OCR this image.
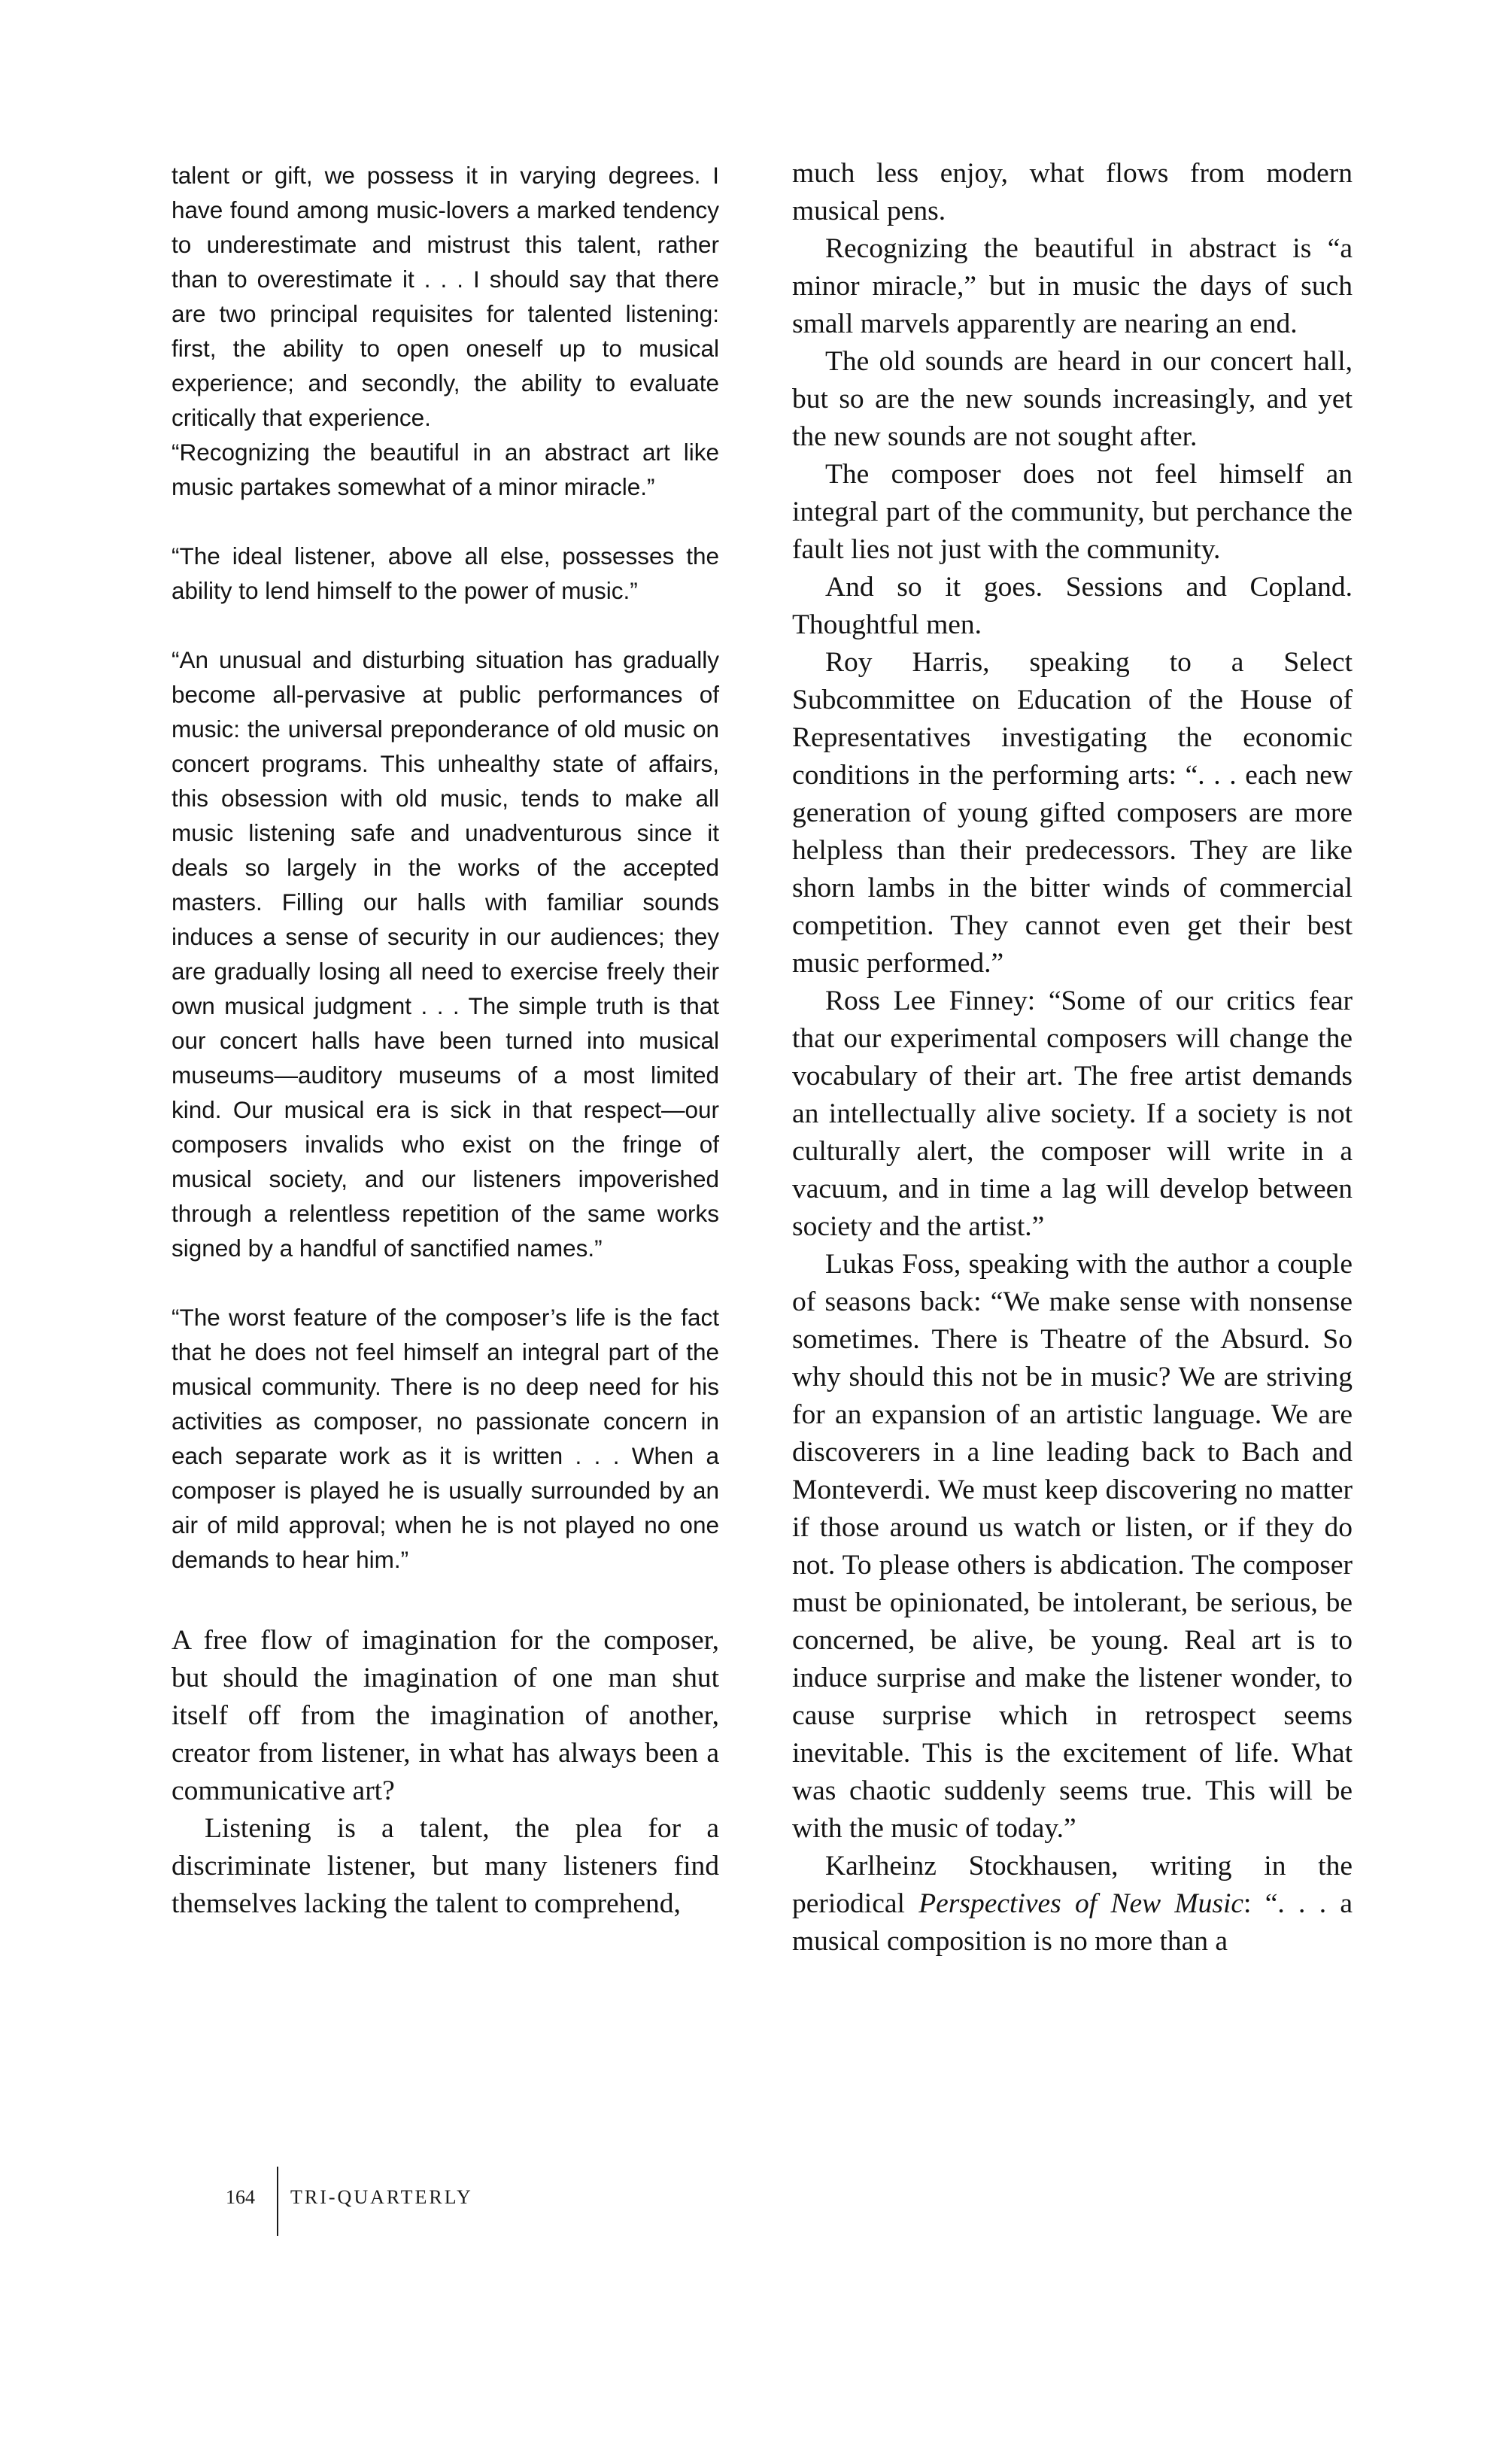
talent or gift, we possess it in varying degrees. I have found among music-lovers a marked tendency to underestimate and mistrust this talent, rather than to overestimate it . . . I should say that there are two principal requisites for talented listening: first, the ability to open oneself up to musical experience; and secondly, the ability to evaluate critically that experience.

“Recognizing the beautiful in an abstract art like music partakes somewhat of a minor miracle.”

“The ideal listener, above all else, possesses the ability to lend himself to the power of music.”

“An unusual and disturbing situation has gradually become all-pervasive at public performances of music: the universal preponderance of old music on concert programs. This unhealthy state of affairs, this obsession with old music, tends to make all music listening safe and unadventurous since it deals so largely in the works of the accepted masters. Filling our halls with familiar sounds induces a sense of security in our audiences; they are gradually losing all need to exercise freely their own musical judgment . . . The simple truth is that our concert halls have been turned into musical museums—auditory museums of a most limited kind. Our musical era is sick in that respect—our composers invalids who exist on the fringe of musical society, and our listeners impoverished through a relentless repetition of the same works signed by a handful of sanctified names.”

“The worst feature of the composer’s life is the fact that he does not feel himself an integral part of the musical community. There is no deep need for his activities as composer, no passionate concern in each separate work as it is written . . . When a composer is played he is usually surrounded by an air of mild approval; when he is not played no one demands to hear him.”

A free flow of imagination for the composer, but should the imagination of one man shut itself off from the imagination of another, creator from listener, in what has always been a communicative art?

Listening is a talent, the plea for a discriminate listener, but many listeners find themselves lacking the talent to comprehend,

much less enjoy, what flows from modern musical pens.

Recognizing the beautiful in abstract is “a minor miracle,” but in music the days of such small marvels apparently are nearing an end.

The old sounds are heard in our concert hall, but so are the new sounds increasingly, and yet the new sounds are not sought after.

The composer does not feel himself an integral part of the community, but perchance the fault lies not just with the community.

And so it goes. Sessions and Copland. Thoughtful men.

Roy Harris, speaking to a Select Subcommittee on Education of the House of Representatives investigating the economic conditions in the performing arts: “. . . each new generation of young gifted composers are more helpless than their predecessors. They are like shorn lambs in the bitter winds of commercial competition. They cannot even get their best music performed.”

Ross Lee Finney: “Some of our critics fear that our experimental composers will change the vocabulary of their art. The free artist demands an intellectually alive society. If a society is not culturally alert, the composer will write in a vacuum, and in time a lag will develop between society and the artist.”

Lukas Foss, speaking with the author a couple of seasons back: “We make sense with nonsense sometimes. There is Theatre of the Absurd. So why should this not be in music? We are striving for an expansion of an artistic language. We are discoverers in a line leading back to Bach and Monteverdi. We must keep discovering no matter if those around us watch or listen, or if they do not. To please others is abdication. The composer must be opinionated, be intolerant, be serious, be concerned, be alive, be young. Real art is to induce surprise and make the listener wonder, to cause surprise which in retrospect seems inevitable. This is the excitement of life. What was chaotic suddenly seems true. This will be with the music of today.”

Karlheinz Stockhausen, writing in the periodical Perspectives of New Music: “. . . a musical composition is no more than a

164 TRI-QUARTERLY
